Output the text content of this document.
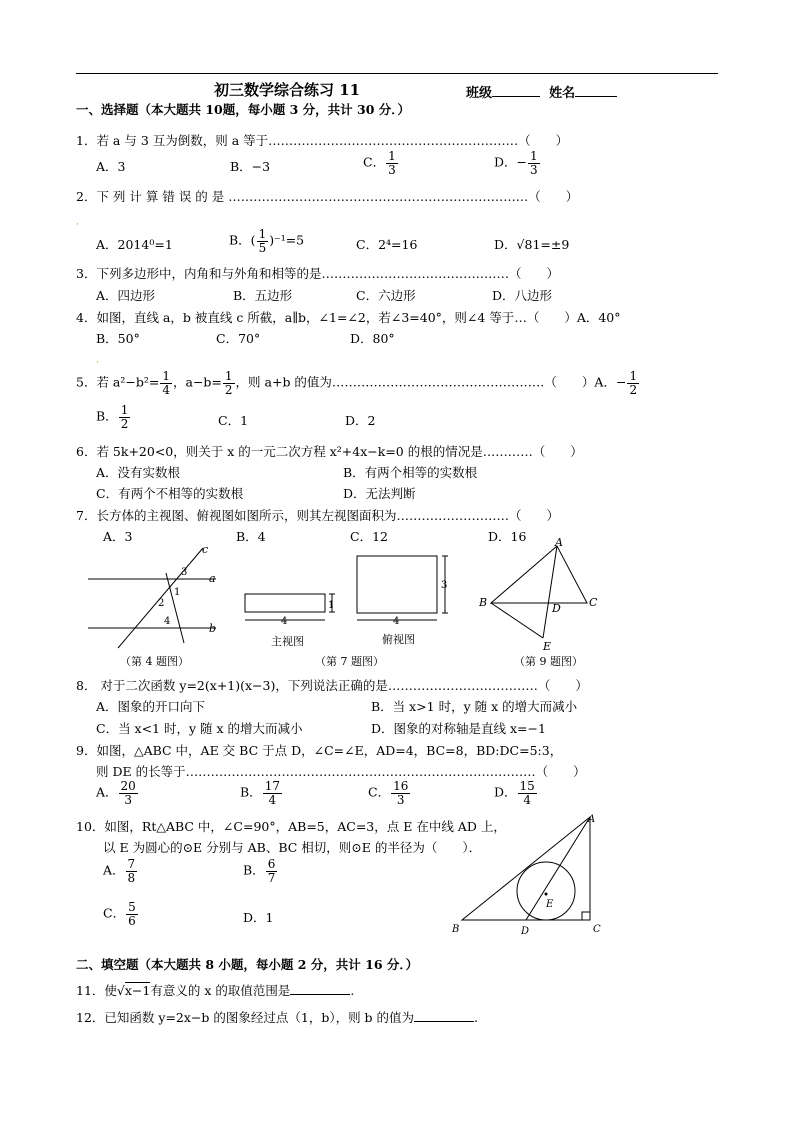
初三数学综合练习 11	班级	姓名
一、选择题（本大题共 10题，每小题 3 分，共计 30 分．）
1．若 a 与 3 互为倒数，则 a 等于……………………………………………………（　　）
A．3	B．−3	C． $\frac{1}{3}$	D．− $\frac{1}{3}$
2．下 列 计 算 错 误 的 是 ………………………………………………………………（　　）
·
A．2014⁰=1	B．( $\frac{1}{5} )^{-1}=5$	C．2⁴=16	D．√81=±9
3．下列多边形中，内角和与外角和相等的是………………………………………（　　）
A．四边形	B．五边形	C．六边形	D．八边形
4．如图，直线 a，b 被直线 c 所截，a∥b，∠1=∠2，若∠3=40°，则∠4 等于…（　　）A．40°
B．50°	C．70°	D．80°
·
5．若 $a^2-b^2= \frac{1}{4}$ ，$a-b= \frac{1}{2}$ ，则 a+b 的值为……………………………………………（　　）A．− $\frac{1}{2}$
B． $\frac{1}{2}$	C．1	D．2
6．若 5k+20<0，则关于 x 的一元二次方程 x²+4x−k=0 的根的情况是…………（　　）
A．没有实数根	B．有两个相等的实数根
C．有两个不相等的实数根	D．无法判断
7．长方体的主视图、俯视图如图所示，则其左视图面积为………………………（　　）
A．3	B．4	C．12	D．16
c
3 a
1
2
4
b
（第 4 题图）
1
4
主视图
3
4
俯视图
（第 7 题图）
A
B	D	C
E
（第 9 题图）
8． 对于二次函数 y=2(x+1)(x−3)，下列说法正确的是………………………………（　　）
A．图象的开口向下	B．当 x>1 时，y 随 x 的增大而减小
C．当 x<1 时，y 随 x 的增大而减小	D．图象的对称轴是直线 x=−1
9．如图，△ABC 中，AE 交 BC 于点 D，∠C=∠E，AD=4，BC=8，BD:DC=5:3，
则 DE 的长等于…………………………………………………………………………（　　）
A． $\frac{20}{3}$	B． $\frac{17}{4}$	C． $\frac{16}{3}$	D． $\frac{15}{4}$
10．如图，Rt△ABC 中，∠C=90°，AB=5，AC=3，点 E 在中线 AD 上，
以 E 为圆心的⊙E 分别与 AB、BC 相切，则⊙E 的半径为（　　）．
A． $\frac{7}{8}$	B． $\frac{6}{7}$
C． $\frac{5}{6}$	D．1
A
E
B	D	C
二、填空题（本大题共 8 小题，每小题 2 分，共计 16 分．）
11．使√x−1有意义的 x 的取值范围是	.
12．已知函数 y=2x−b 的图象经过点（1，b），则 b 的值为	.
